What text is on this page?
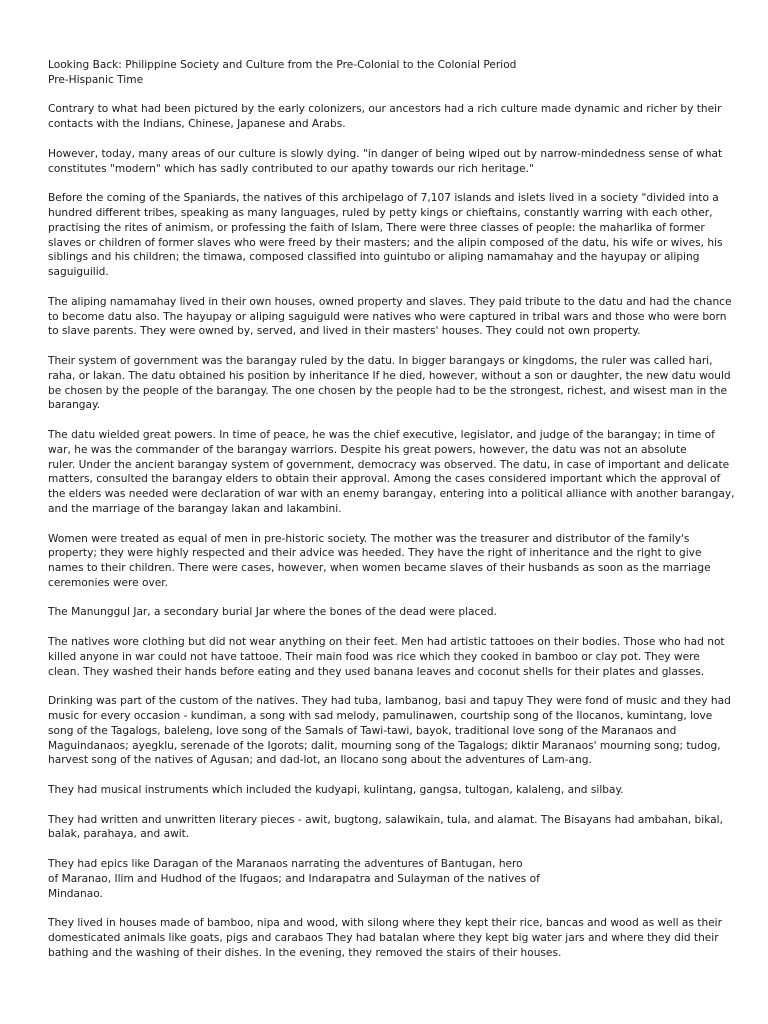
Looking Back: Philippine Society and Culture from the Pre-Colonial to the Colonial Period
Pre-Hispanic Time
Contrary to what had been pictured by the early colonizers, our ancestors had a rich culture made dynamic and richer by their
contacts with the Indians, Chinese, Japanese and Arabs.
However, today, many areas of our culture is slowly dying. "in danger of being wiped out by narrow-mindedness sense of what
constitutes "modern" which has sadly contributed to our apathy towards our rich heritage."
Before the coming of the Spaniards, the natives of this archipelago of 7,107 islands and islets lived in a society "divided into a
hundred different tribes, speaking as many languages, ruled by petty kings or chieftains, constantly warring with each other,
practising the rites of animism, or professing the faith of Islam, There were three classes of people: the maharlika of former
slaves or children of former slaves who were freed by their masters; and the alipin composed of the datu, his wife or wives, his
siblings and his children; the timawa, composed classified into guintubo or aliping namamahay and the hayupay or aliping
saguiguilid.
The aliping namamahay lived in their own houses, owned property and slaves. They paid tribute to the datu and had the chance
to become datu also. The hayupay or aliping saguiguld were natives who were captured in tribal wars and those who were born
to slave parents. They were owned by, served, and lived in their masters' houses. They could not own property.
Their system of government was the barangay ruled by the datu. In bigger barangays or kingdoms, the ruler was called hari,
raha, or lakan. The datu obtained his position by inheritance If he died, however, without a son or daughter, the new datu would
be chosen by the people of the barangay. The one chosen by the people had to be the strongest, richest, and wisest man in the
barangay.
The datu wielded great powers. In time of peace, he was the chief executive, legislator, and judge of the barangay; in time of
war, he was the commander of the barangay warriors. Despite his great powers, however, the datu was not an absolute
ruler. Under the ancient barangay system of government, democracy was observed. The datu, in case of important and delicate
matters, consulted the barangay elders to obtain their approval. Among the cases considered important which the approval of
the elders was needed were declaration of war with an enemy barangay, entering into a political alliance with another barangay,
and the marriage of the barangay lakan and lakambini.
Women were treated as equal of men in pre-historic society. The mother was the treasurer and distributor of the family's
property; they were highly respected and their advice was heeded. They have the right of inheritance and the right to give
names to their children. There were cases, however, when women became slaves of their husbands as soon as the marriage
ceremonies were over.
The Manunggul Jar, a secondary burial Jar where the bones of the dead were placed.
The natives wore clothing but did not wear anything on their feet. Men had artistic tattooes on their bodies. Those who had not
killed anyone in war could not have tattooe. Their main food was rice which they cooked in bamboo or clay pot. They were
clean. They washed their hands before eating and they used banana leaves and coconut shells for their plates and glasses.
Drinking was part of the custom of the natives. They had tuba, lambanog, basi and tapuy They were fond of music and they had
music for every occasion - kundiman, a song with sad melody, pamulinawen, courtship song of the Ilocanos, kumintang, love
song of the Tagalogs, baleleng, love song of the Samals of Tawi-tawi, bayok, traditional love song of the Maranaos and
Maguindanaos; ayegklu, serenade of the Igorots; dalit, mourning song of the Tagalogs; diktir Maranaos' mourning song; tudog,
harvest song of the natives of Agusan; and dad-lot, an Ilocano song about the adventures of Lam-ang.
They had musical instruments which included the kudyapi, kulintang, gangsa, tultogan, kalaleng, and silbay.
They had written and unwritten literary pieces - awit, bugtong, salawikain, tula, and alamat. The Bisayans had ambahan, bikal,
balak, parahaya, and awit.
They had epics like Daragan of the Maranaos narrating the adventures of Bantugan, hero
of Maranao, Ilim and Hudhod of the Ifugaos; and Indarapatra and Sulayman of the natives of
Mindanao.
They lived in houses made of bamboo, nipa and wood, with silong where they kept their rice, bancas and wood as well as their
domesticated animals like goats, pigs and carabaos They had batalan where they kept big water jars and where they did their
bathing and the washing of their dishes. In the evening, they removed the stairs of their houses.
